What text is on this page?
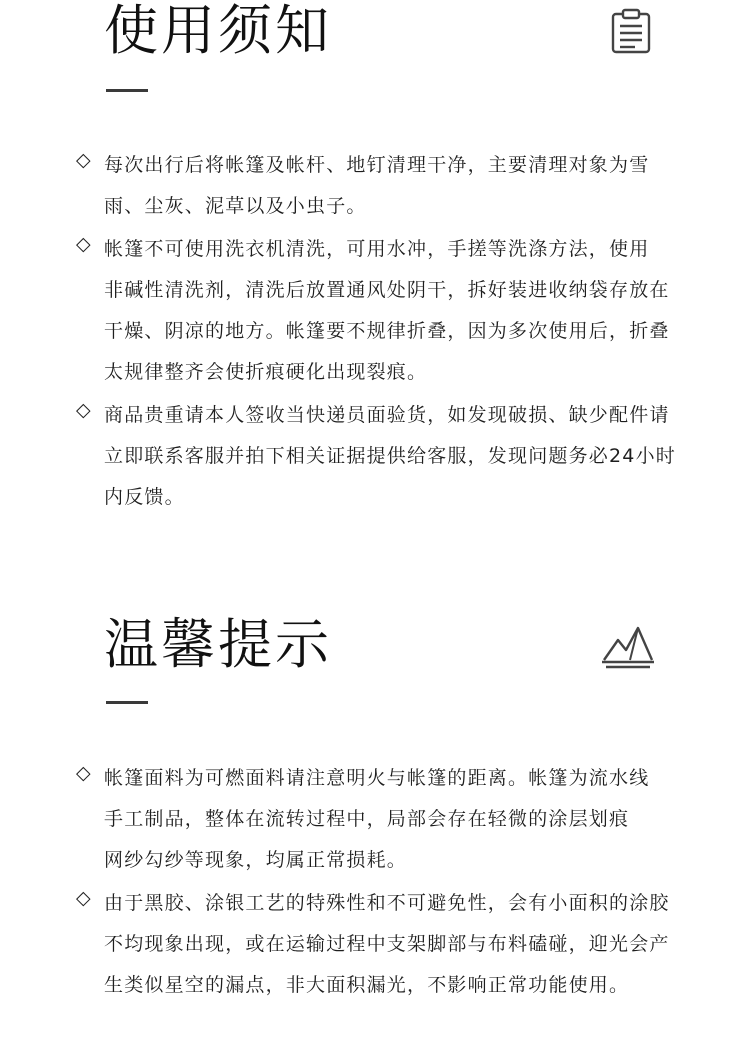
使用须知
◇ 每次出行后将帐篷及帐杆、地钉清理干净，主要清理对象为雪
雨、尘灰、泥草以及小虫子。
◇ 帐篷不可使用洗衣机清洗，可用水冲，手搓等洗涤方法，使用
非碱性清洗剂，清洗后放置通风处阴干，拆好装进收纳袋存放在
干燥、阴凉的地方。帐篷要不规律折叠，因为多次使用后，折叠
太规律整齐会使折痕硬化出现裂痕。
◇ 商品贵重请本人签收当快递员面验货，如发现破损、缺少配件请
立即联系客服并拍下相关证据提供给客服，发现问题务必24小时
内反馈。
温馨提示
◇ 帐篷面料为可燃面料请注意明火与帐篷的距离。帐篷为流水线
手工制品，整体在流转过程中，局部会存在轻微的涂层划痕
网纱勾纱等现象，均属正常损耗。
◇ 由于黑胶、涂银工艺的特殊性和不可避免性，会有小面积的涂胶
不均现象出现，或在运输过程中支架脚部与布料磕碰，迎光会产
生类似星空的漏点，非大面积漏光，不影响正常功能使用。
